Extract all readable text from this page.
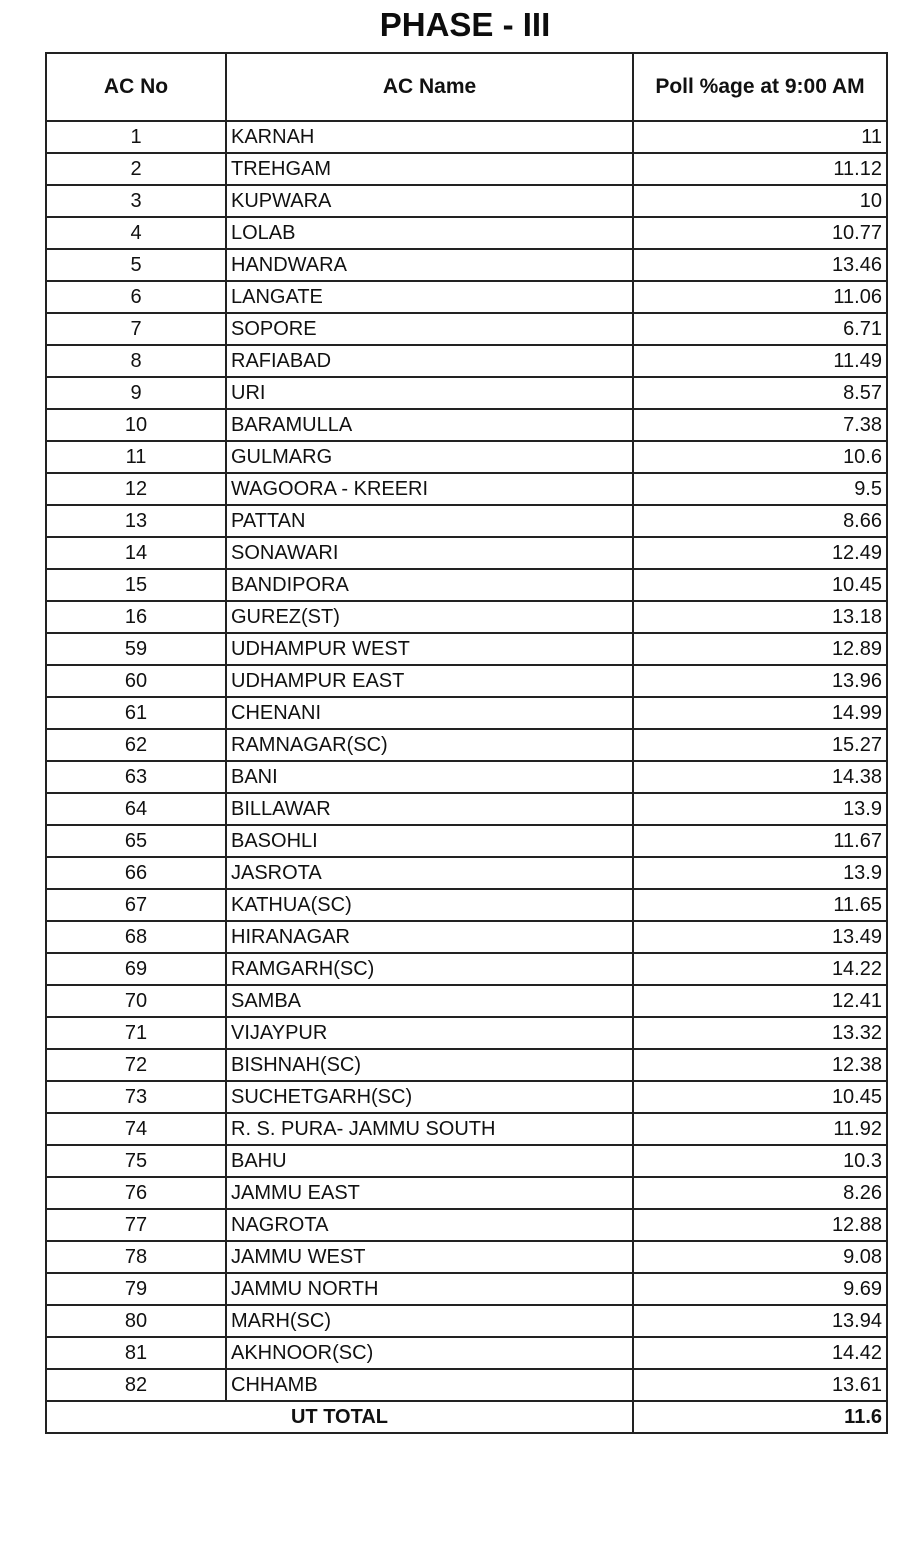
PHASE - III
AC No	AC Name	Poll %age at 9:00 AM
1	KARNAH	11
2	TREHGAM	11.12
3	KUPWARA	10
4	LOLAB	10.77
5	HANDWARA	13.46
6	LANGATE	11.06
7	SOPORE	6.71
8	RAFIABAD	11.49
9	URI	8.57
10	BARAMULLA	7.38
11	GULMARG	10.6
12	WAGOORA - KREERI	9.5
13	PATTAN	8.66
14	SONAWARI	12.49
15	BANDIPORA	10.45
16	GUREZ(ST)	13.18
59	UDHAMPUR WEST	12.89
60	UDHAMPUR EAST	13.96
61	CHENANI	14.99
62	RAMNAGAR(SC)	15.27
63	BANI	14.38
64	BILLAWAR	13.9
65	BASOHLI	11.67
66	JASROTA	13.9
67	KATHUA(SC)	11.65
68	HIRANAGAR	13.49
69	RAMGARH(SC)	14.22
70	SAMBA	12.41
71	VIJAYPUR	13.32
72	BISHNAH(SC)	12.38
73	SUCHETGARH(SC)	10.45
74	R. S. PURA- JAMMU SOUTH	11.92
75	BAHU	10.3
76	JAMMU EAST	8.26
77	NAGROTA	12.88
78	JAMMU WEST	9.08
79	JAMMU NORTH	9.69
80	MARH(SC)	13.94
81	AKHNOOR(SC)	14.42
82	CHHAMB	13.61
UT TOTAL		11.6
